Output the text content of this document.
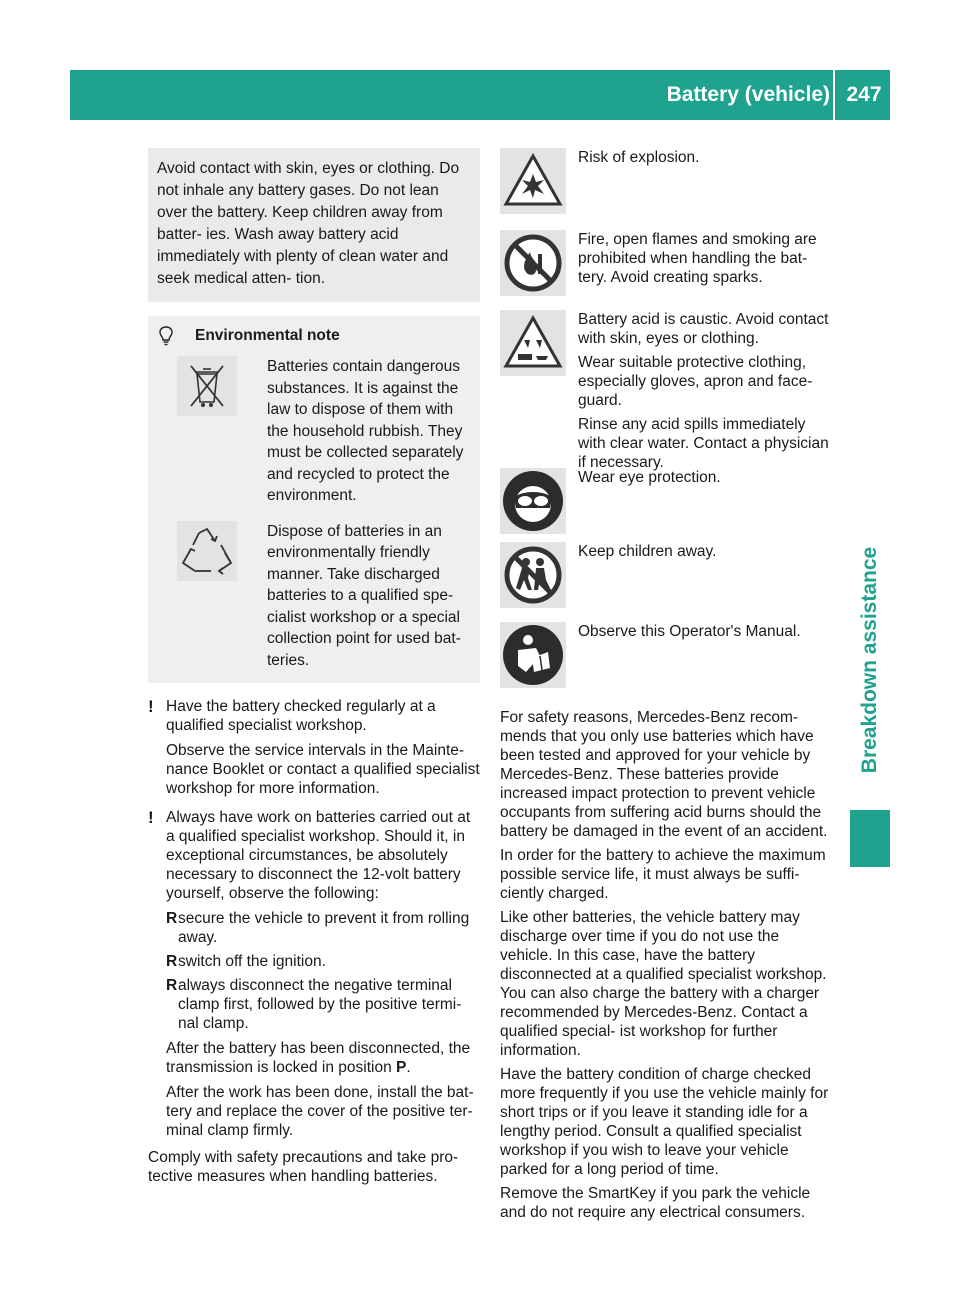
Battery (vehicle) 247
Breakdown assistance
Avoid contact with skin, eyes or clothing. Do not inhale any battery gases. Do not lean over the battery. Keep children away from batter- ies. Wash away battery acid immediately with plenty of clean water and seek medical atten- tion.
Environmental note
Batteries contain dangerous substances. It is against the law to dispose of them with the household rubbish. They must be collected separately and recycled to protect the environment.
Dispose of batteries in an environmentally friendly manner. Take discharged batteries to a qualified spe- cialist workshop or a special collection point for used bat- teries.
! Have the battery checked regularly at a qualified specialist workshop.

Observe the service intervals in the Mainte- nance Booklet or contact a qualified specialist workshop for more information.

! Always have work on batteries carried out at a qualified specialist workshop. Should it, in exceptional circumstances, be absolutely necessary to disconnect the 12-volt battery yourself, observe the following:

R secure the vehicle to prevent it from rolling away.
R switch off the ignition.
R always disconnect the negative terminal clamp first, followed by the positive termi- nal clamp.

After the battery has been disconnected, the transmission is locked in position P.

After the work has been done, install the bat- tery and replace the cover of the positive ter- minal clamp firmly.

Comply with safety precautions and take pro- tective measures when handling batteries.

Risk of explosion.

Fire, open flames and smoking are prohibited when handling the bat- tery. Avoid creating sparks.

Battery acid is caustic. Avoid contact with skin, eyes or clothing.

Wear suitable protective clothing, especially gloves, apron and face- guard.

Rinse any acid spills immediately with clear water. Contact a physician if necessary.

Wear eye protection.

Keep children away.

Observe this Operator's Manual.

For safety reasons, Mercedes-Benz recom- mends that you only use batteries which have been tested and approved for your vehicle by Mercedes-Benz. These batteries provide increased impact protection to prevent vehicle occupants from suffering acid burns should the battery be damaged in the event of an accident.

In order for the battery to achieve the maximum possible service life, it must always be suffi- ciently charged.

Like other batteries, the vehicle battery may discharge over time if you do not use the vehicle. In this case, have the battery disconnected at a qualified specialist workshop. You can also charge the battery with a charger recommended by Mercedes-Benz. Contact a qualified special- ist workshop for further information.

Have the battery condition of charge checked more frequently if you use the vehicle mainly for short trips or if you leave it standing idle for a lengthy period. Consult a qualified specialist workshop if you wish to leave your vehicle parked for a long period of time.

Remove the SmartKey if you park the vehicle and do not require any electrical consumers.
